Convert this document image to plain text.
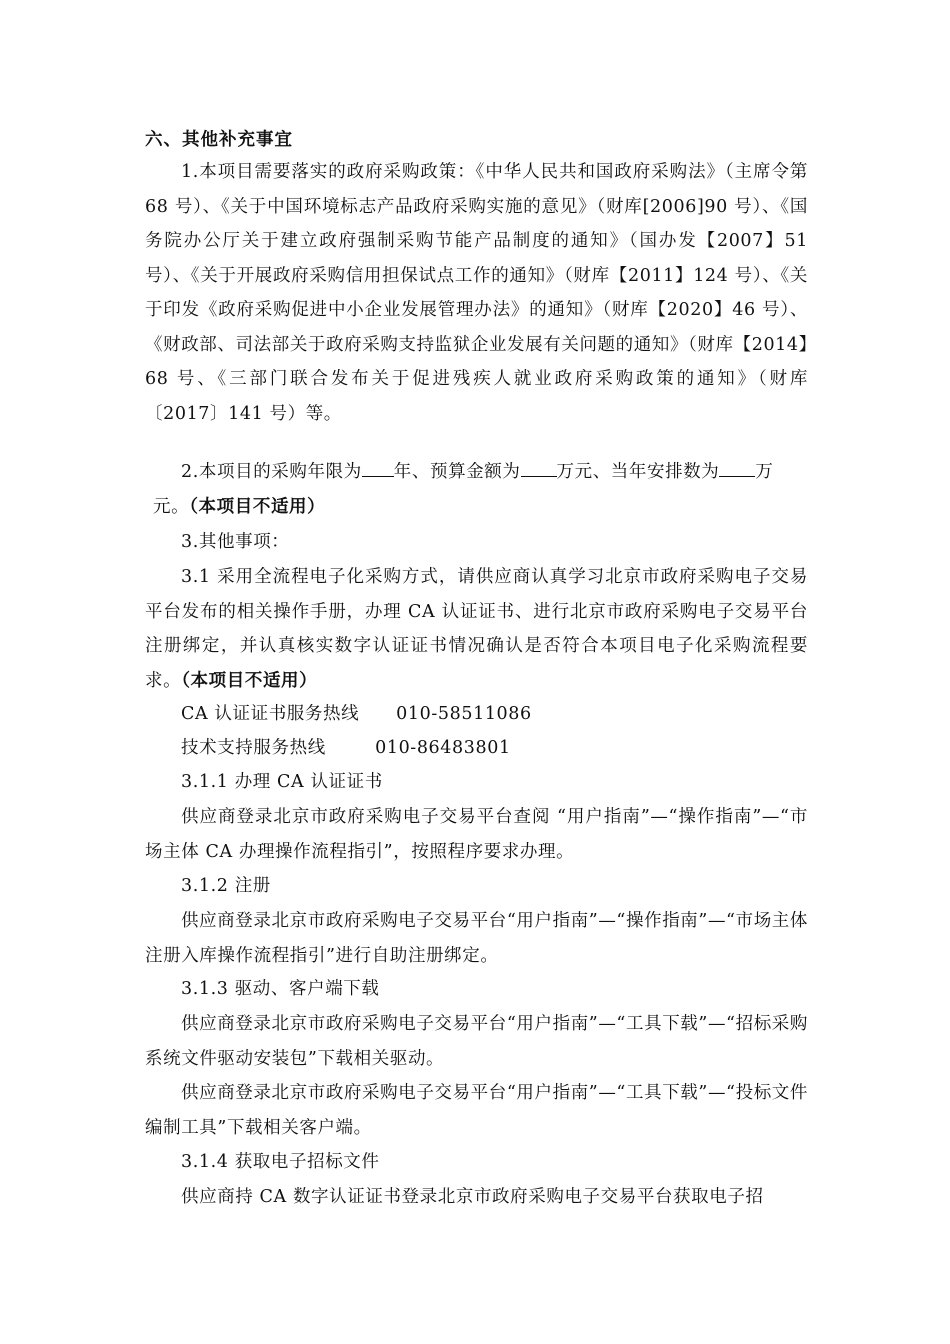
六、其他补充事宜

1.本项目需要落实的政府采购政策：《中华人民共和国政府采购法》（主席令第 68 号）、《关于中国环境标志产品政府采购实施的意见》（财库[2006]90 号）、《国务院办公厅关于建立政府强制采购节能产品制度的通知》（国办发【2007】51 号）、《关于开展政府采购信用担保试点工作的通知》（财库【2011】124 号）、《关于印发《政府采购促进中小企业发展管理办法》的通知》（财库【2020】46 号）、《财政部、司法部关于政府采购支持监狱企业发展有关问题的通知》（财库【2014】68 号、《三部门联合发布关于促进残疾人就业政府采购政策的通知》（财库〔2017〕141 号）等。

2.本项目的采购年限为 年、预算金额为 万元、当年安排数为 万
元。（本项目不适用）
3.其他事项：

3.1 采用全流程电子化采购方式，请供应商认真学习北京市政府采购电子交易平台发布的相关操作手册，办理 CA 认证证书、进行北京市政府采购电子交易平台注册绑定，并认真核实数字认证证书情况确认是否符合本项目电子化采购流程要求。（本项目不适用）

CA 认证证书服务热线      010-58511086
技术支持服务热线        010-86483801
3.1.1 办理 CA 认证证书

供应商登录北京市政府采购电子交易平台查阅 “用户指南”—“操作指南”—“市场主体 CA 办理操作流程指引”，按照程序要求办理。

3.1.2 注册

供应商登录北京市政府采购电子交易平台“用户指南”—“操作指南”—“市场主体注册入库操作流程指引”进行自助注册绑定。

3.1.3 驱动、客户端下载

供应商登录北京市政府采购电子交易平台“用户指南”—“工具下载”—“招标采购系统文件驱动安装包”下载相关驱动。

供应商登录北京市政府采购电子交易平台“用户指南”—“工具下载”—“投标文件编制工具”下载相关客户端。

3.1.4 获取电子招标文件

供应商持 CA 数字认证证书登录北京市政府采购电子交易平台获取电子招
